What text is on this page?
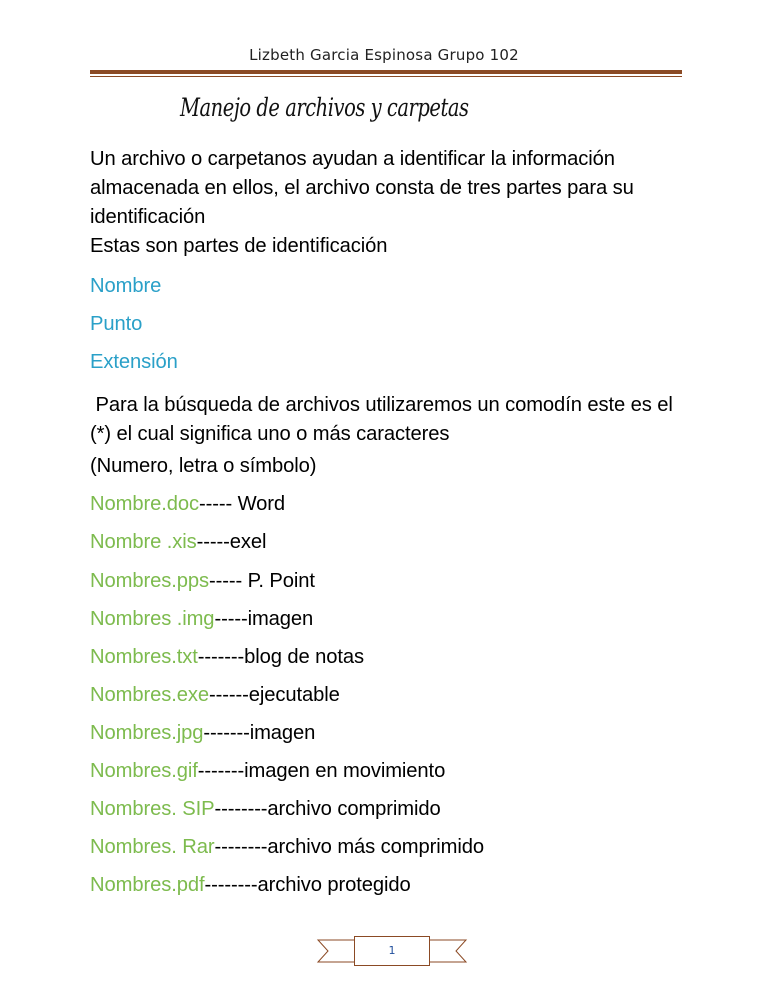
Lizbeth Garcia Espinosa Grupo 102
Manejo de archivos y carpetas
Un archivo o carpetanos ayudan a identificar la información almacenada en ellos, el archivo consta de tres partes para su identificación
Estas son partes de identificación
Nombre
Punto
Extensión
Para la búsqueda de archivos utilizaremos un comodín este es el  (*) el cual significa uno o más caracteres
(Numero, letra o símbolo)
Nombre.doc----- Word
Nombre .xis-----exel
Nombres.pps----- P. Point
Nombres .img-----imagen
Nombres.txt-------blog de notas
Nombres.exe------ejecutable
Nombres.jpg-------imagen
Nombres.gif-------imagen en movimiento
Nombres. SIP--------archivo comprimido
Nombres. Rar--------archivo más comprimido
Nombres.pdf--------archivo protegido
1
